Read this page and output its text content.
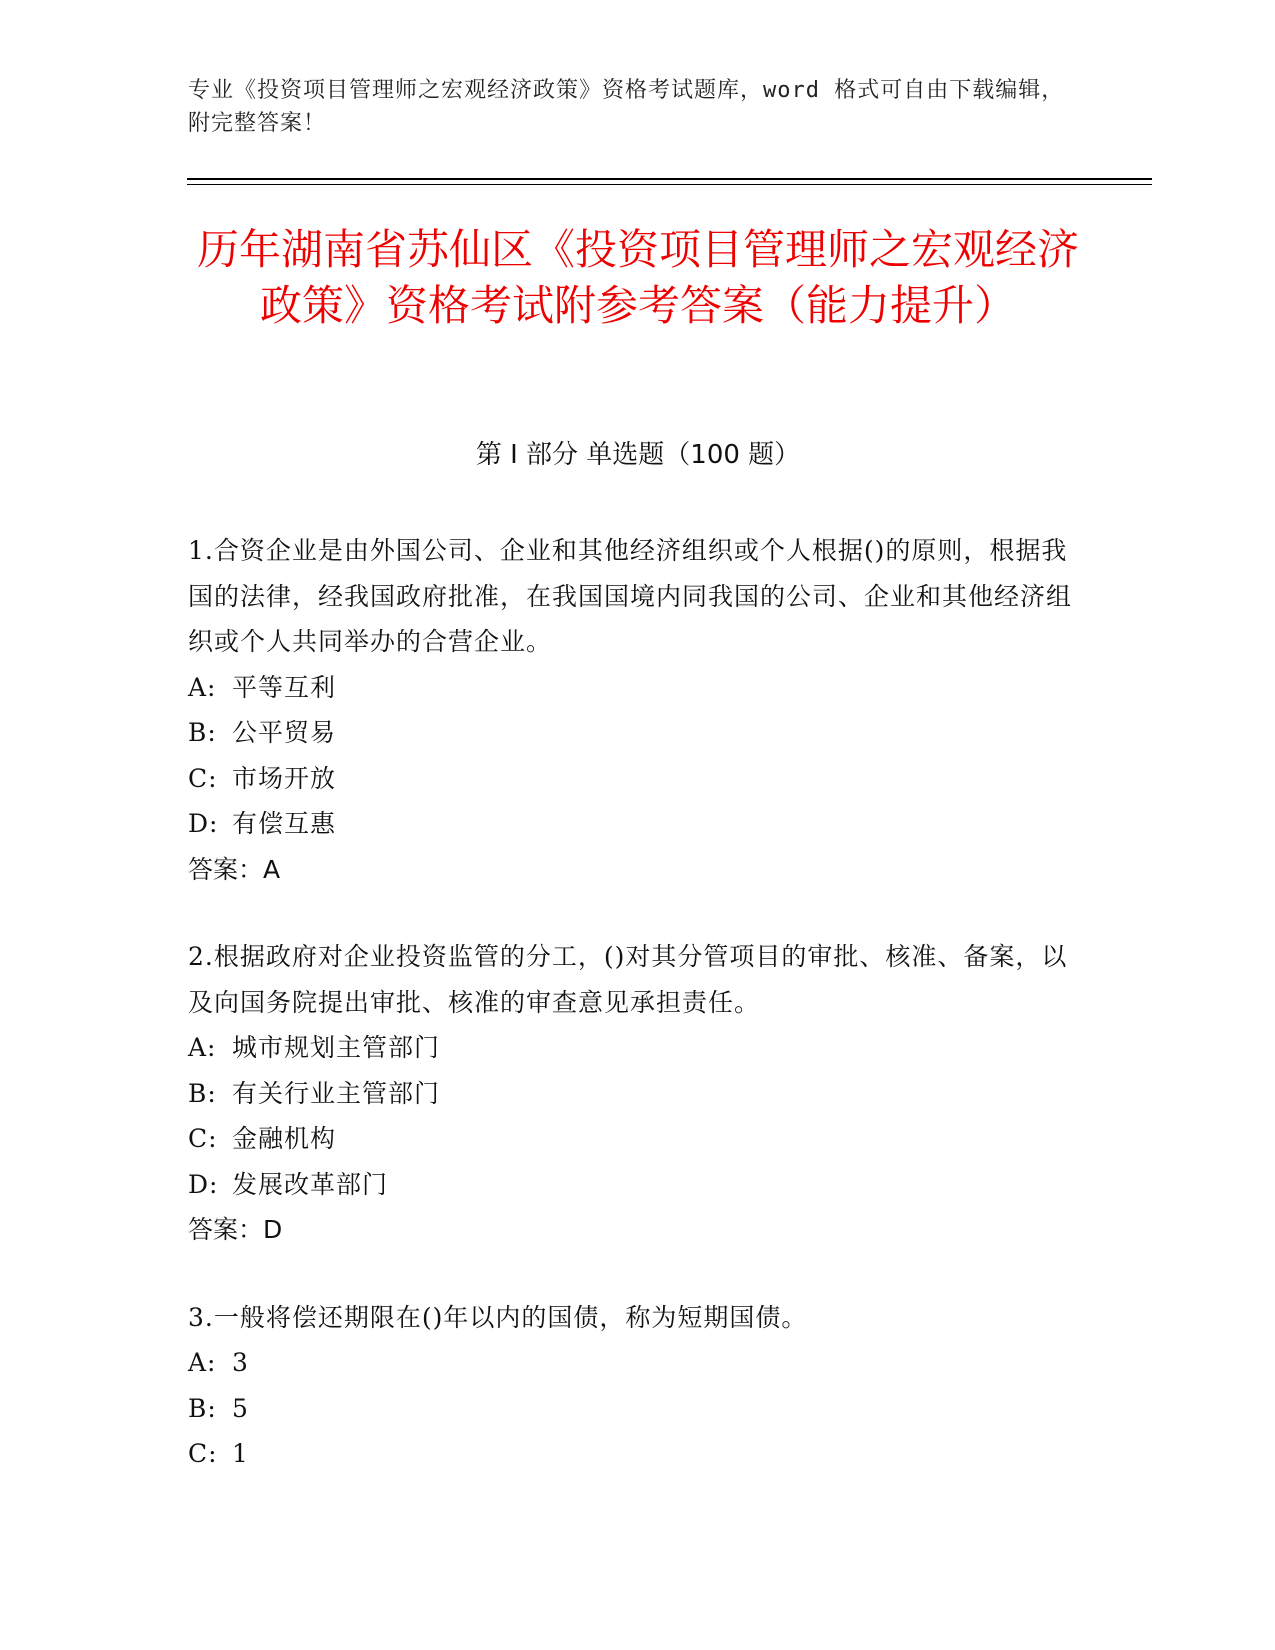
专业《投资项目管理师之宏观经济政策》资格考试题库，word 格式可自由下载编辑，附完整答案！
历年湖南省苏仙区《投资项目管理师之宏观经济政策》资格考试附参考答案（能力提升）
第 I 部分 单选题（100 题）

1.合资企业是由外国公司、企业和其他经济组织或个人根据()的原则，根据我国的法律，经我国政府批准，在我国国境内同我国的公司、企业和其他经济组织或个人共同举办的合营企业。

A: 平等互利

B: 公平贸易

C: 市场开放

D: 有偿互惠

答案：A

2.根据政府对企业投资监管的分工，()对其分管项目的审批、核准、备案，以及向国务院提出审批、核准的审查意见承担责任。

A: 城市规划主管部门

B: 有关行业主管部门

C: 金融机构

D: 发展改革部门

答案：D

3.一般将偿还期限在()年以内的国债，称为短期国债。

A: 3

B: 5

C: 1
